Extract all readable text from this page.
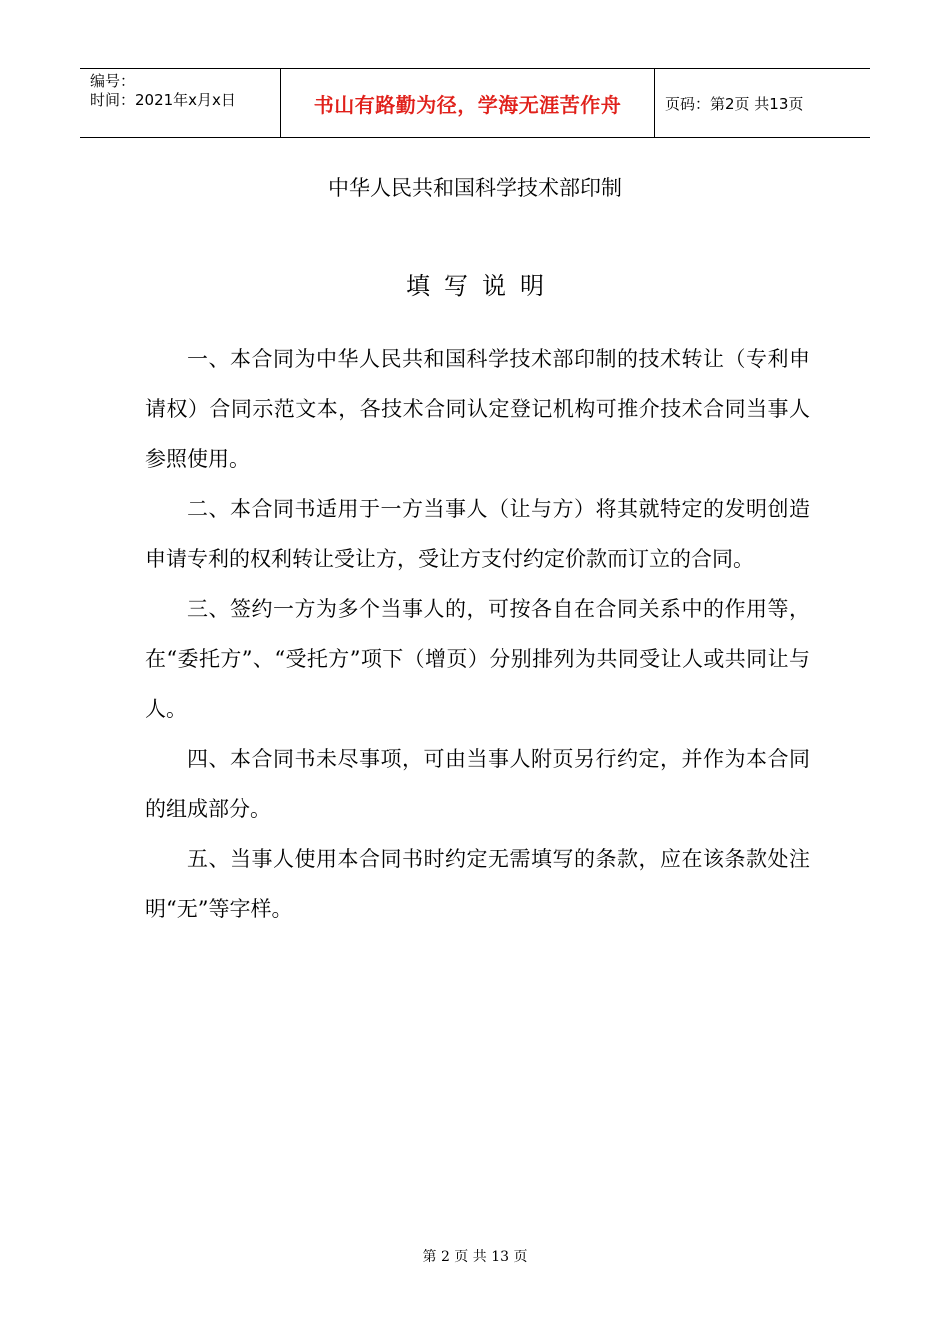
编号：
时间：2021年x月x日	书山有路勤为径，学海无涯苦作舟	页码：第2页 共13页
中华人民共和国科学技术部印制
填写说明

一、本合同为中华人民共和国科学技术部印制的技术转让（专利申请权）合同示范文本，各技术合同认定登记机构可推介技术合同当事人参照使用。

二、本合同书适用于一方当事人（让与方）将其就特定的发明创造申请专利的权利转让受让方，受让方支付约定价款而订立的合同。

三、签约一方为多个当事人的，可按各自在合同关系中的作用等，在“委托方”、“受托方”项下（增页）分别排列为共同受让人或共同让与人。

四、本合同书未尽事项，可由当事人附页另行约定，并作为本合同的组成部分。

五、当事人使用本合同书时约定无需填写的条款，应在该条款处注明“无”等字样。

第 2 页 共 13 页
